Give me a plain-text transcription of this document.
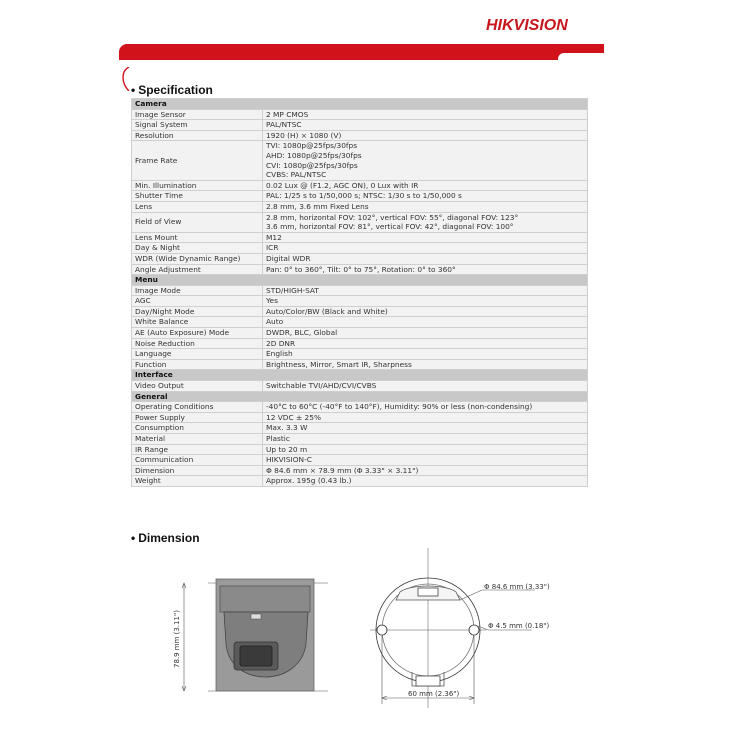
HIKVISION
• Specification
Camera	
Image Sensor	2 MP CMOS

Signal System	PAL/NTSC

Resolution	1920 (H) × 1080 (V)

Frame Rate	TVI: 1080p@25fps/30fps
AHD: 1080p@25fps/30fps
CVI: 1080p@25fps/30fps
CVBS: PAL/NTSC

Min. Illumination	0.02 Lux @ (F1.2, AGC ON), 0 Lux with IR

Shutter Time	PAL: 1/25 s to 1/50,000 s; NTSC: 1/30 s to 1/50,000 s

Lens	2.8 mm, 3.6 mm Fixed Lens

Field of View	2.8 mm, horizontal FOV: 102°, vertical FOV: 55°, diagonal FOV: 123°
3.6 mm, horizontal FOV: 81°, vertical FOV: 42°, diagonal FOV: 100°

Lens Mount	M12

Day & Night	ICR

WDR (Wide Dynamic Range)	Digital WDR

Angle Adjustment	Pan: 0° to 360°, Tilt: 0° to 75°, Rotation: 0° to 360°

Menu	
Image Mode	STD/HIGH-SAT

AGC	Yes

Day/Night Mode	Auto/Color/BW (Black and White)

White Balance	Auto

AE (Auto Exposure) Mode	DWDR, BLC, Global

Noise Reduction	2D DNR

Language	English

Function	Brightness, Mirror, Smart IR, Sharpness

Interface	
Video Output	Switchable TVI/AHD/CVI/CVBS

General	
Operating Conditions	-40°C to 60°C (-40°F to 140°F), Humidity: 90% or less (non-condensing)

Power Supply	12 VDC ± 25%

Consumption	Max. 3.3 W

Material	Plastic

IR Range	Up to 20 m

Communication	HIKVISION-C

Dimension	Φ 84.6 mm × 78.9 mm (Φ 3.33" × 3.11")

Weight	Approx. 195g (0.43 lb.)
• Dimension
78.9 mm (3.11")
Φ 84.6 mm (3.33")
Φ 4.5 mm (0.18")
60 mm (2.36")
